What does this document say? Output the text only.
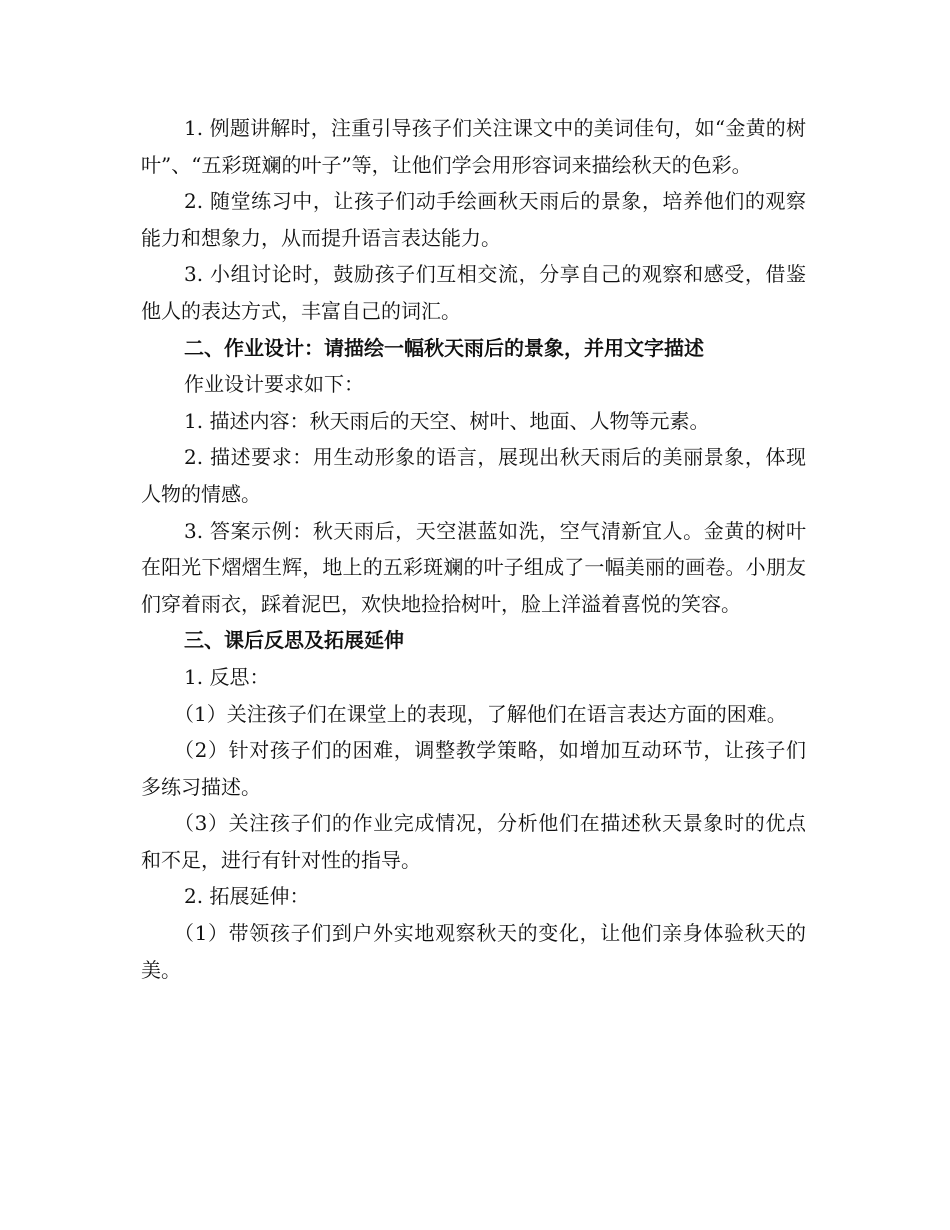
1. 例题讲解时，注重引导孩子们关注课文中的美词佳句，如“金黄的树叶”、“五彩斑斓的叶子”等，让他们学会用形容词来描绘秋天的色彩。

2. 随堂练习中，让孩子们动手绘画秋天雨后的景象，培养他们的观察能力和想象力，从而提升语言表达能力。

3. 小组讨论时，鼓励孩子们互相交流，分享自己的观察和感受，借鉴他人的表达方式，丰富自己的词汇。

二、作业设计：请描绘一幅秋天雨后的景象，并用文字描述

作业设计要求如下：

1. 描述内容：秋天雨后的天空、树叶、地面、人物等元素。

2. 描述要求：用生动形象的语言，展现出秋天雨后的美丽景象，体现人物的情感。

3. 答案示例：秋天雨后，天空湛蓝如洗，空气清新宜人。金黄的树叶在阳光下熠熠生辉，地上的五彩斑斓的叶子组成了一幅美丽的画卷。小朋友们穿着雨衣，踩着泥巴，欢快地捡拾树叶，脸上洋溢着喜悦的笑容。

三、课后反思及拓展延伸

1. 反思：

（1）关注孩子们在课堂上的表现，了解他们在语言表达方面的困难。

（2）针对孩子们的困难，调整教学策略，如增加互动环节，让孩子们多练习描述。

（3）关注孩子们的作业完成情况，分析他们在描述秋天景象时的优点和不足，进行有针对性的指导。

2. 拓展延伸：

（1）带领孩子们到户外实地观察秋天的变化，让他们亲身体验秋天的美。
